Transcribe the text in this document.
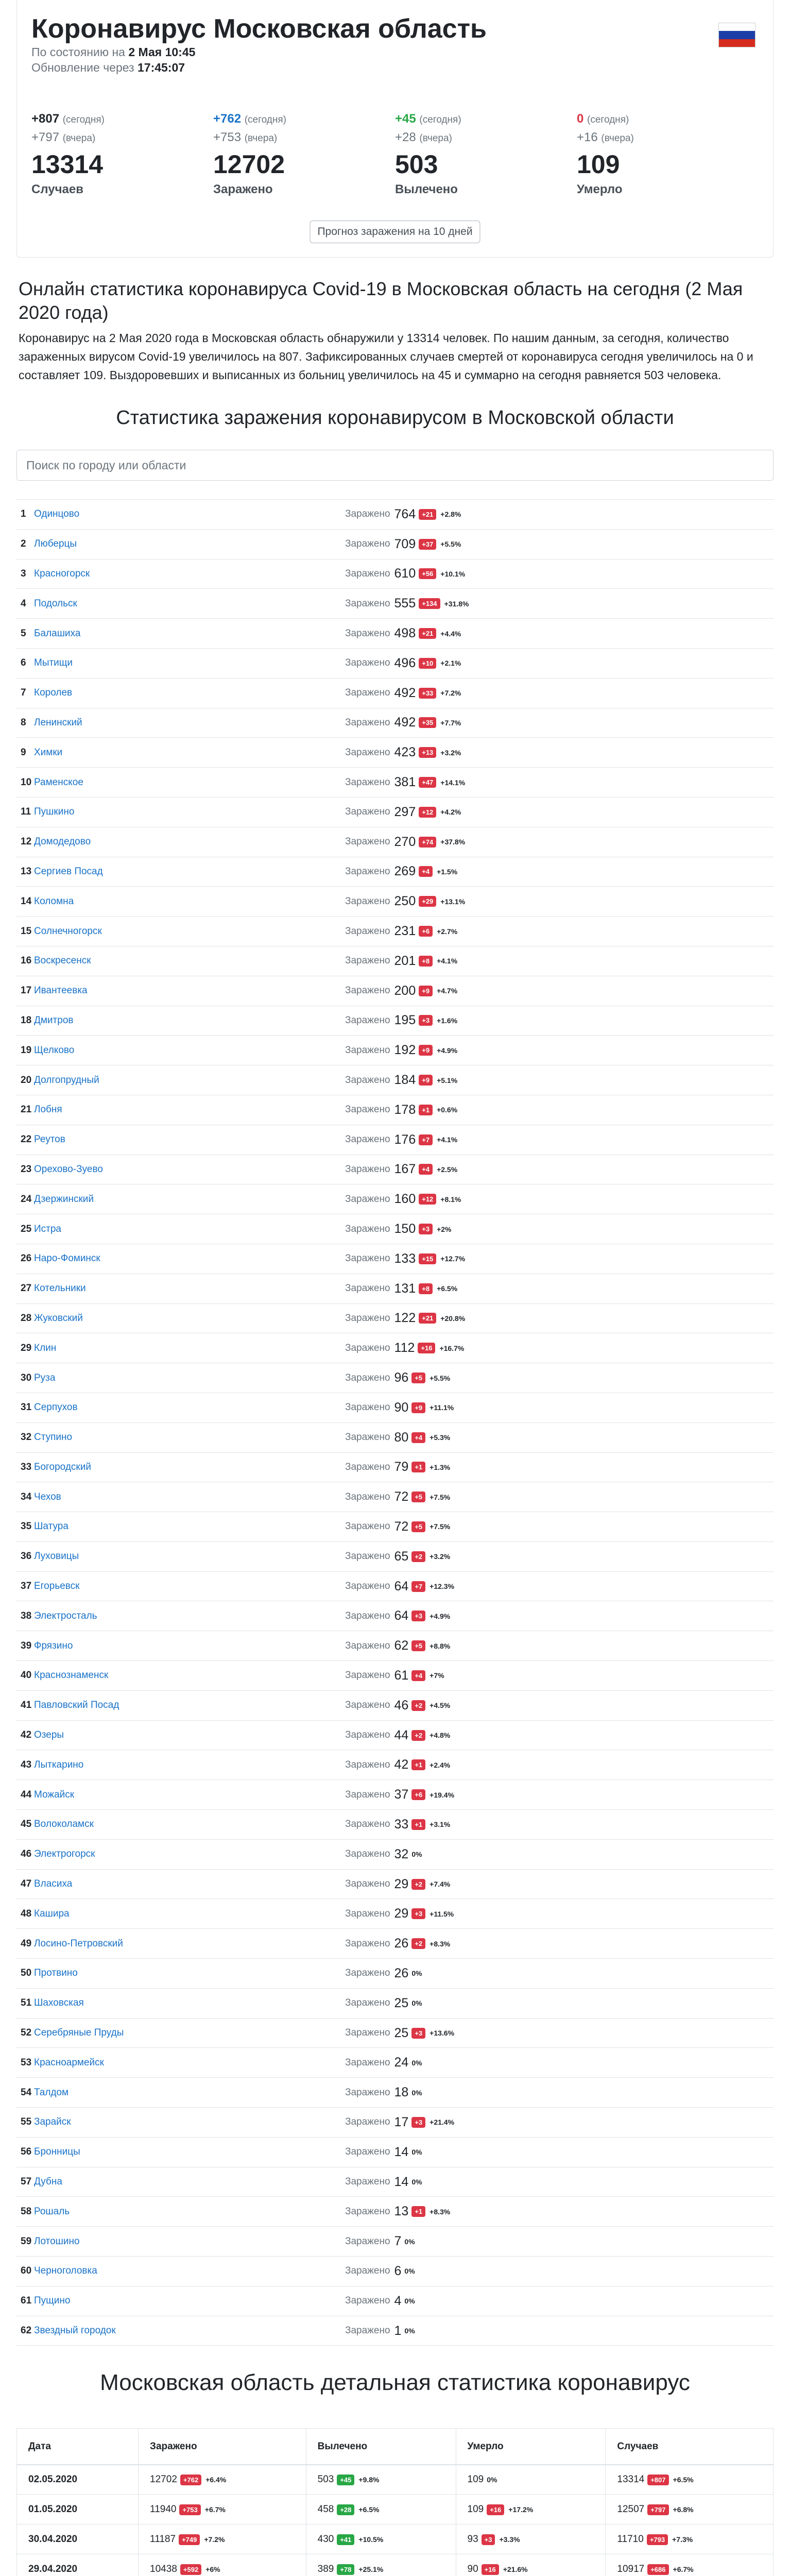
Коронавирус Московская область
По состоянию на 2 Мая 10:45
Обновление через 17:45:07
+807 (сегодня)
+797 (вчера)
13314
Случаев
+762 (сегодня)
+753 (вчера)
12702
Заражено
+45 (сегодня)
+28 (вчера)
503
Вылечено
0 (сегодня)
+16 (вчера)
109
Умерло
Прогноз заражения на 10 дней
Онлайн статистика коронавируса Covid-19 в Московская область на сегодня (2 Мая 2020 года)

Коронавирус на 2 Мая 2020 года в Московская область обнаружили у 13314 человек. По нашим данным, за сегодня, количество зараженных вирусом Covid-19 увеличилось на 807. Зафиксированных случаев смертей от коронавируса сегодня увеличилось на 0 и составляет 109. Выздоровевших и выписанных из больниц увеличилось на 45 и суммарно на сегодня равняется 503 человека.

Статистика заражения коронавирусом в Московской области
Поиск по городу или области
1 Одинцово	Заражено 764 +21	+2.8%
2 Люберцы	Заражено 709 +37	+5.5%
3 Красногорск	Заражено 610 +56	+10.1%
4 Подольск	Заражено 555 +134	+31.8%
5 Балашиха	Заражено 498 +21	+4.4%
6 Мытищи	Заражено 496 +10	+2.1%
7 Королев	Заражено 492 +33	+7.2%
8 Ленинский	Заражено 492 +35	+7.7%
9 Химки	Заражено 423 +13	+3.2%
10 Раменское	Заражено 381 +47	+14.1%
11 Пушкино	Заражено 297 +12	+4.2%
12 Домодедово	Заражено 270 +74	+37.8%
13 Сергиев Посад	Заражено 269 +4	+1.5%
14 Коломна	Заражено 250 +29	+13.1%
15 Солнечногорск	Заражено 231 +6	+2.7%
16 Воскресенск	Заражено 201 +8	+4.1%
17 Ивантеевка	Заражено 200 +9	+4.7%
18 Дмитров	Заражено 195 +3	+1.6%
19 Щелково	Заражено 192 +9	+4.9%
20 Долгопрудный	Заражено 184 +9	+5.1%
21 Лобня	Заражено 178 +1	+0.6%
22 Реутов	Заражено 176 +7	+4.1%
23 Орехово-Зуево	Заражено 167 +4	+2.5%
24 Дзержинский	Заражено 160 +12	+8.1%
25 Истра	Заражено 150 +3	+2%
26 Наро-Фоминск	Заражено 133 +15	+12.7%
27 Котельники	Заражено 131 +8	+6.5%
28 Жуковский	Заражено 122 +21	+20.8%
29 Клин	Заражено 112 +16	+16.7%
30 Руза	Заражено 96 +5	+5.5%
31 Серпухов	Заражено 90 +9	+11.1%
32 Ступино	Заражено 80 +4	+5.3%
33 Богородский	Заражено 79 +1	+1.3%
34 Чехов	Заражено 72 +5	+7.5%
35 Шатура	Заражено 72 +5	+7.5%
36 Луховицы	Заражено 65 +2	+3.2%
37 Егорьевск	Заражено 64 +7	+12.3%
38 Электросталь	Заражено 64 +3	+4.9%
39 Фрязино	Заражено 62 +5	+8.8%
40 Краснознаменск	Заражено 61 +4	+7%
41 Павловский Посад	Заражено 46 +2	+4.5%
42 Озеры	Заражено 44 +2	+4.8%
43 Лыткарино	Заражено 42 +1	+2.4%
44 Можайск	Заражено 37 +6	+19.4%
45 Волоколамск	Заражено 33 +1	+3.1%
46 Электрогорск	Заражено 32 0%
47 Власиха	Заражено 29 +2	+7.4%
48 Кашира	Заражено 29 +3	+11.5%
49 Лосино-Петровский	Заражено 26 +2	+8.3%
50 Протвино	Заражено 26 0%
51 Шаховская	Заражено 25 0%
52 Серебряные Пруды	Заражено 25 +3	+13.6%
53 Красноармейск	Заражено 24 0%
54 Талдом	Заражено 18 0%
55 Зарайск	Заражено 17 +3	+21.4%
56 Бронницы	Заражено 14 0%
57 Дубна	Заражено 14 0%
58 Рошаль	Заражено 13 +1	+8.3%
59 Лотошино	Заражено 7 0%
60 Черноголовка	Заражено 6 0%
61 Пущино	Заражено 4 0%
62 Звездный городок	Заражено 1 0%
Московская область детальная статистика коронавирус
Дата	Заражено	Вылечено	Умерло	Случаев
02.05.2020	12702 +762 +6.4%	503 +45 +9.8%	109 0%	13314 +807 +6.5%
01.05.2020	11940 +753 +6.7%	458 +28 +6.5%	109 +16 +17.2%	12507 +797 +6.8%
30.04.2020	11187 +749 +7.2%	430 +41 +10.5%	93 +3 +3.3%	11710 +793 +7.3%
29.04.2020	10438 +592 +6%	389 +78 +25.1%	90 +16 +21.6%	10917 +686 +6.7%
